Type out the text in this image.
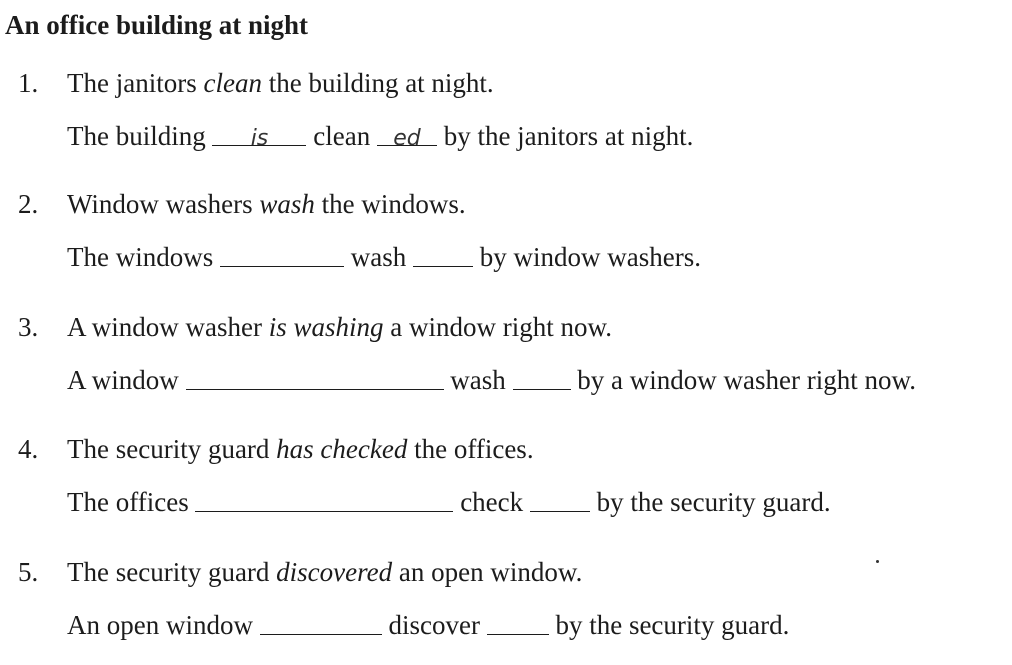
An office building at night
1.	The janitors clean the building at night.
The building is clean ed by the janitors at night.
2.	Window washers wash the windows.
The windows	wash  by window washers.
3.	A window washer is washing a window right now.
A window	wash  by a window washer right now.
4.	The security guard has checked the offices.
The offices	check  by the security guard.
5.	The security guard discovered an open window.
An open window	discover	by the security guard.
